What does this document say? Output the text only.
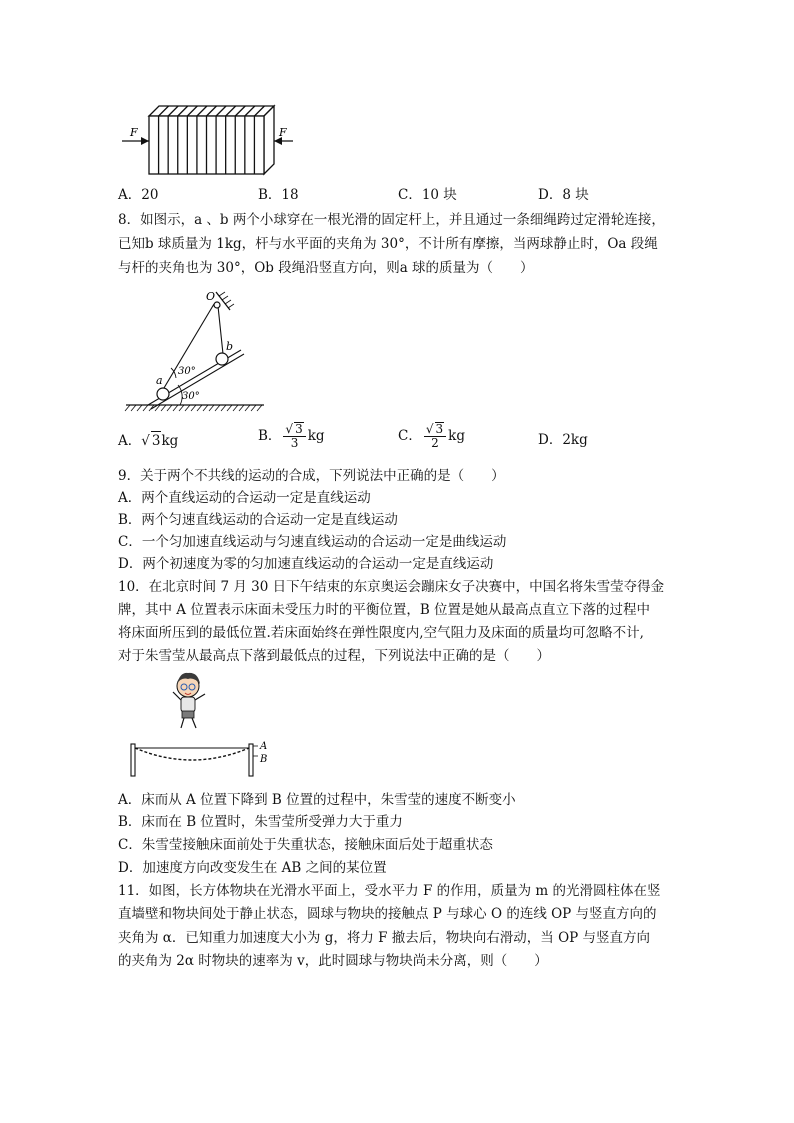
F	F
A．20	B．18	C．10 块	D．8 块
8．如图示，a 、b 两个小球穿在一根光滑的固定杆上，并且通过一条细绳跨过定滑轮连接，
已知b 球质量为 1kg，杆与水平面的夹角为 30°，不计所有摩擦，当两球静止时，Oa 段绳
与杆的夹角也为 30°，Ob 段绳沿竖直方向，则a 球的质量为（　　）
O
b
a
30°
30°
A．√ 3kg	B． $\frac{√ 3}{3}$ kg	C． $\frac{√ 3}{2}$ kg	D．2kg
9．关于两个不共线的运动的合成，下列说法中正确的是（　　）
A．两个直线运动的合运动一定是直线运动
B．两个匀速直线运动的合运动一定是直线运动
C．一个匀加速直线运动与匀速直线运动的合运动一定是曲线运动
D．两个初速度为零的匀加速直线运动的合运动一定是直线运动
10．在北京时间 7 月 30 日下午结束的东京奥运会蹦床女子决赛中，中国名将朱雪莹夺得金
牌，其中 A 位置表示床面未受压力时的平衡位置，B 位置是她从最高点直立下落的过程中
将床面所压到的最低位置.若床面始终在弹性限度内,空气阻力及床面的质量均可忽略不计,
对于朱雪莹从最高点下落到最低点的过程，下列说法中正确的是（　　）
A
B
A．床而从 A 位置下降到 B 位置的过程中，朱雪莹的速度不断变小
B．床而在 B 位置时，朱雪莹所受弹力大于重力
C．朱雪莹接触床面前处于失重状态，接触床面后处于超重状态
D．加速度方向改变发生在 AB 之间的某位置
11．如图，长方体物块在光滑水平面上，受水平力 F 的作用，质量为 m 的光滑圆柱体在竖
直墙壁和物块间处于静止状态，圆球与物块的接触点 P 与球心 O 的连线 OP 与竖直方向的
夹角为 α．已知重力加速度大小为 g，将力 F 撤去后，物块向右滑动，当 OP 与竖直方向
的夹角为 2α 时物块的速率为 v，此时圆球与物块尚未分离，则（　　）
